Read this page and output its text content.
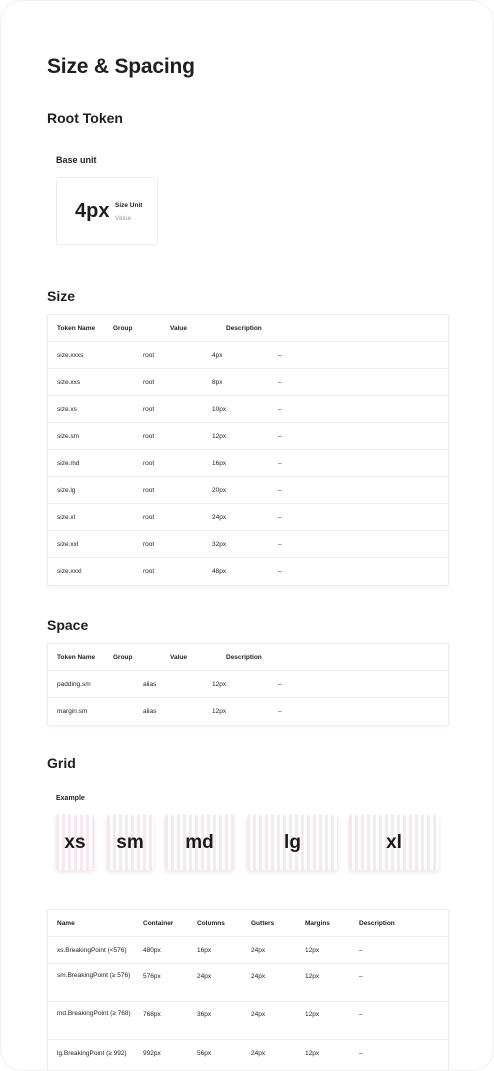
Size & Spacing
Root Token
Base unit
4px Size Unit
Value
Size
Token Name	Group	Value	Description
size.xxxs	root	4px	–
size.xxs	root	8px	–
size.xs	root	10px	–
size.sm	root	12px	–
size.md	root	16px	–
size.lg	root	20px	–
size.xl	root	24px	–
size.xxl	root	32px	–
size.xxxl	root	48px	–
Space
Token Name	Group	Value	Description
padding.sm	alias	12px	–
margin.sm	alias	12px	–
Grid
Example
xs sm md	lg	xl
Name	Container	Columns	Gutters	Margins	Description
xs.BreakingPoint (<576)	480px	16px	24px	12px	–
sm.BreakingPoint (≥ 576)	576px	24px	24px	12px	–
md.BreakingPoint (≥ 768)	768px	36px	24px	12px	–
lg.BreakingPoint (≥ 992)	992px	56px	24px	12px	–
